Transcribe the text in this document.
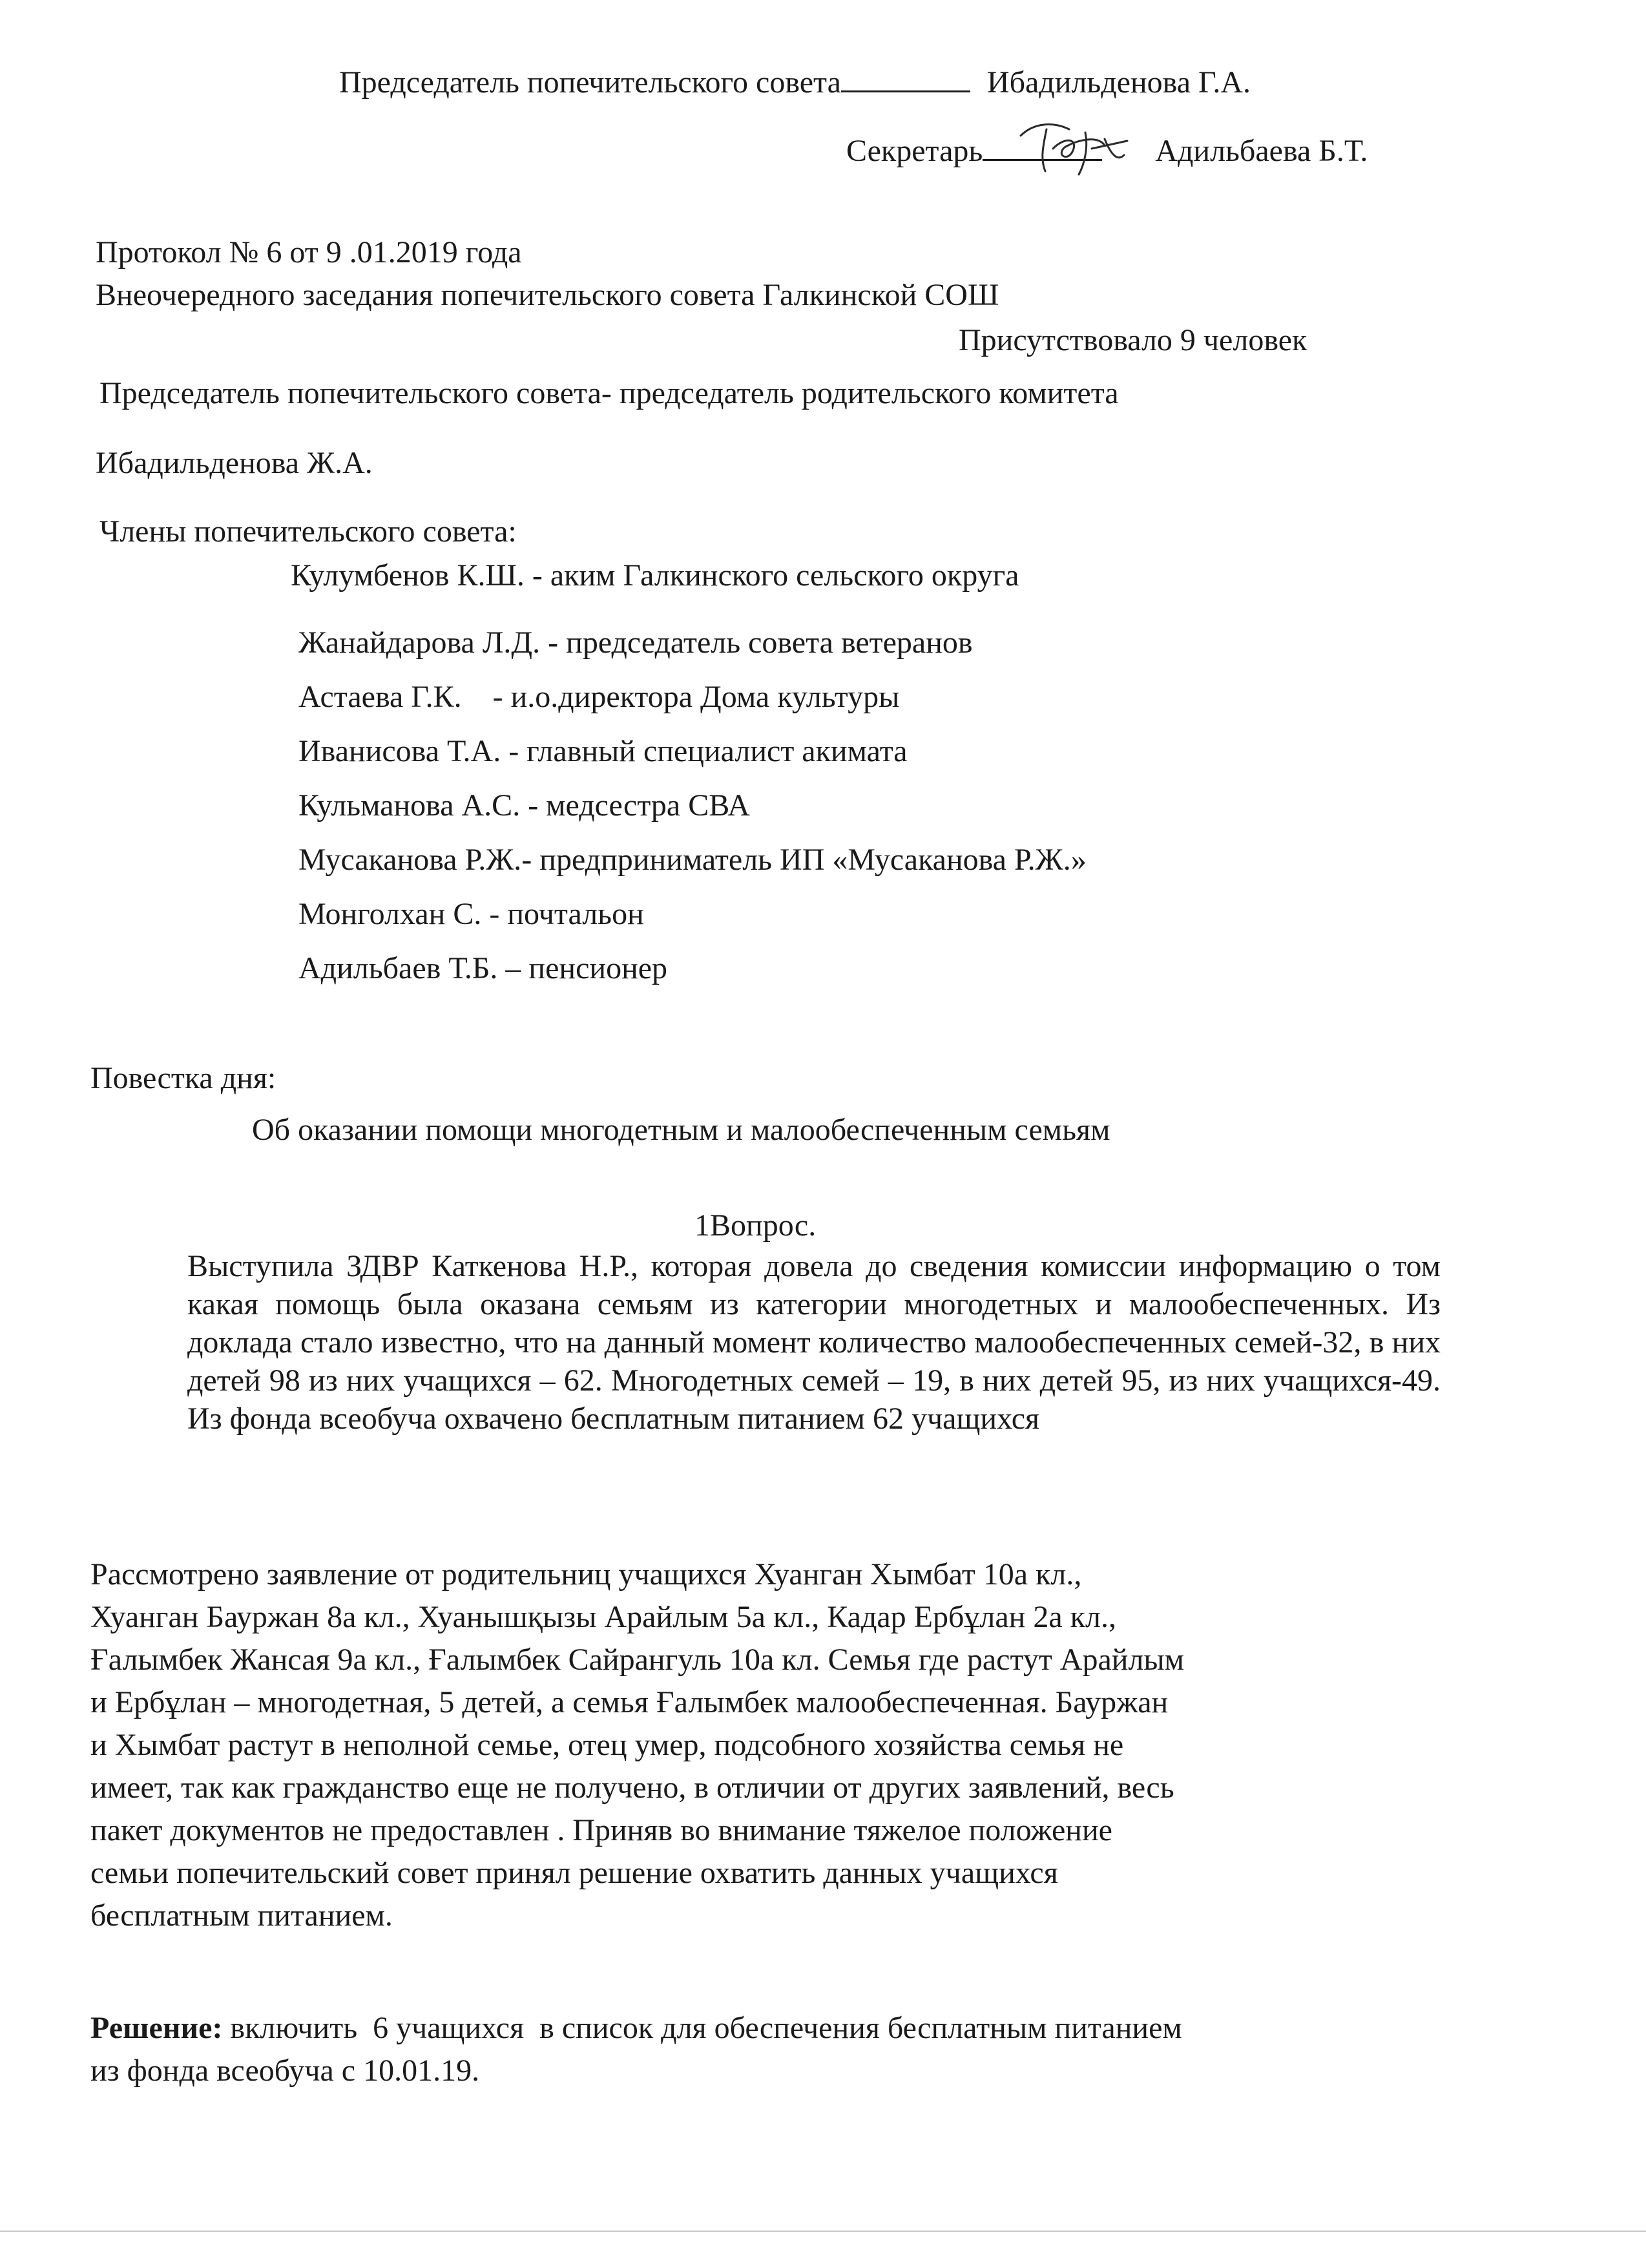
Председатель попечительского совета	Ибадильденова Г.А.
Секретарь	Адильбаева Б.Т.
Протокол № 6 от 9 .01.2019 года
Внеочередного заседания попечительского совета Галкинской СОШ
Присутствовало 9 человек
Председатель попечительского совета- председатель родительского комитета
Ибадильденова Ж.А.
Члены попечительского совета:
Кулумбенов К.Ш. - аким Галкинского сельского округа
Жанайдарова Л.Д. - председатель совета ветеранов
Астаева Г.К.    - и.о.директора Дома культуры
Иванисова Т.А. - главный специалист акимата
Кульманова А.С. - медсестра СВА
Мусаканова Р.Ж.- предприниматель ИП «Мусаканова Р.Ж.»
Монголхан С. - почтальон
Адильбаев Т.Б. – пенсионер
Повестка дня:
Об оказании помощи многодетным и малообеспеченным семьям
1Вопрос.
Выступила ЗДВР Каткенова Н.Р., которая довела до сведения комиссии информацию о том какая помощь была оказана семьям из категории многодетных и малообеспеченных. Из доклада стало известно, что на данный момент количество малообеспеченных семей-32, в них детей 98 из них учащихся – 62. Многодетных семей – 19, в них детей 95, из них учащихся-49. Из фонда всеобуча охвачено бесплатным питанием 62 учащихся
Рассмотрено заявление от родительниц учащихся Хуанган Хымбат 10а кл.,
Хуанган Бауржан 8а кл., Хуанышқызы Арайлым 5а кл., Кадар Ербұлан 2а кл.,
Ғалымбек Жансая 9а кл., Ғалымбек Сайрангуль 10а кл. Семья где растут Арайлым
и Ербұлан – многодетная, 5 детей, а семья Ғалымбек малообеспеченная. Бауржан
и Хымбат растут в неполной семье, отец умер, подсобного хозяйства семья не
имеет, так как гражданство еще не получено, в отличии от других заявлений, весь
пакет документов не предоставлен . Приняв во внимание тяжелое положение
семьи попечительский совет принял решение охватить данных учащихся
бесплатным питанием.
Решение: включить  6 учащихся  в список для обеспечения бесплатным питанием
из фонда всеобуча с 10.01.19.
